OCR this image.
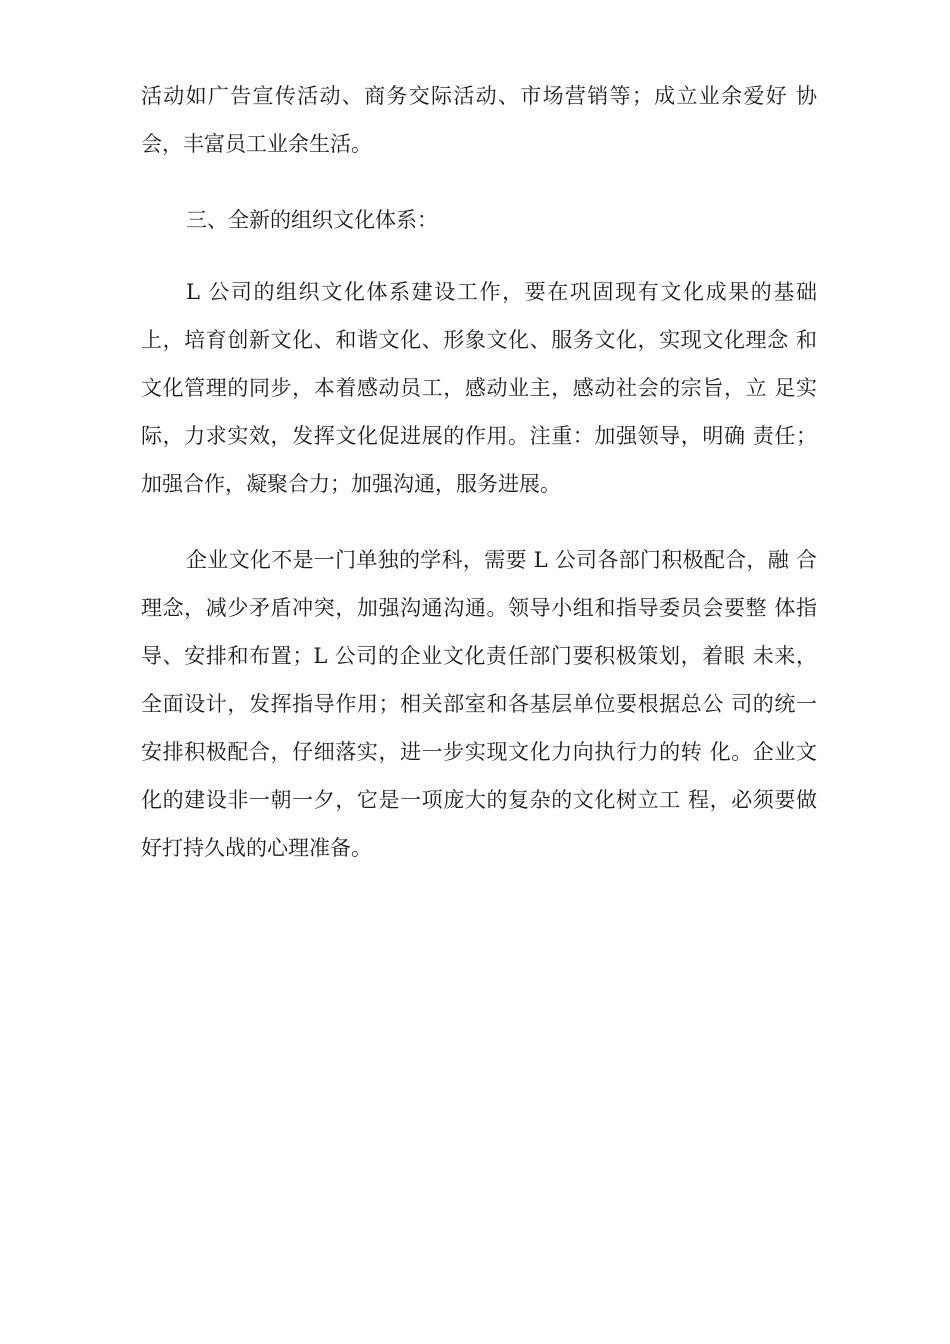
活动如广告宣传活动、商务交际活动、市场营销等；成立业余爱好 协
会，丰富员工业余生活。
三、全新的组织文化体系：
L 公司的组织文化体系建设工作，要在巩固现有文化成果的基础
上，培育创新文化、和谐文化、形象文化、服务文化，实现文化理念 和
文化管理的同步，本着感动员工，感动业主，感动社会的宗旨，立 足实
际，力求实效，发挥文化促进展的作用。注重：加强领导，明确 责任；
加强合作，凝聚合力；加强沟通，服务进展。
企业文化不是一门单独的学科，需要 L 公司各部门积极配合，融 合
理念，减少矛盾冲突，加强沟通沟通。领导小组和指导委员会要整 体指
导、安排和布置；L 公司的企业文化责任部门要积极策划，着眼 未来，
全面设计，发挥指导作用；相关部室和各基层单位要根据总公 司的统一
安排积极配合，仔细落实，进一步实现文化力向执行力的转 化。企业文
化的建设非一朝一夕，它是一项庞大的复杂的文化树立工 程，必须要做
好打持久战的心理准备。
